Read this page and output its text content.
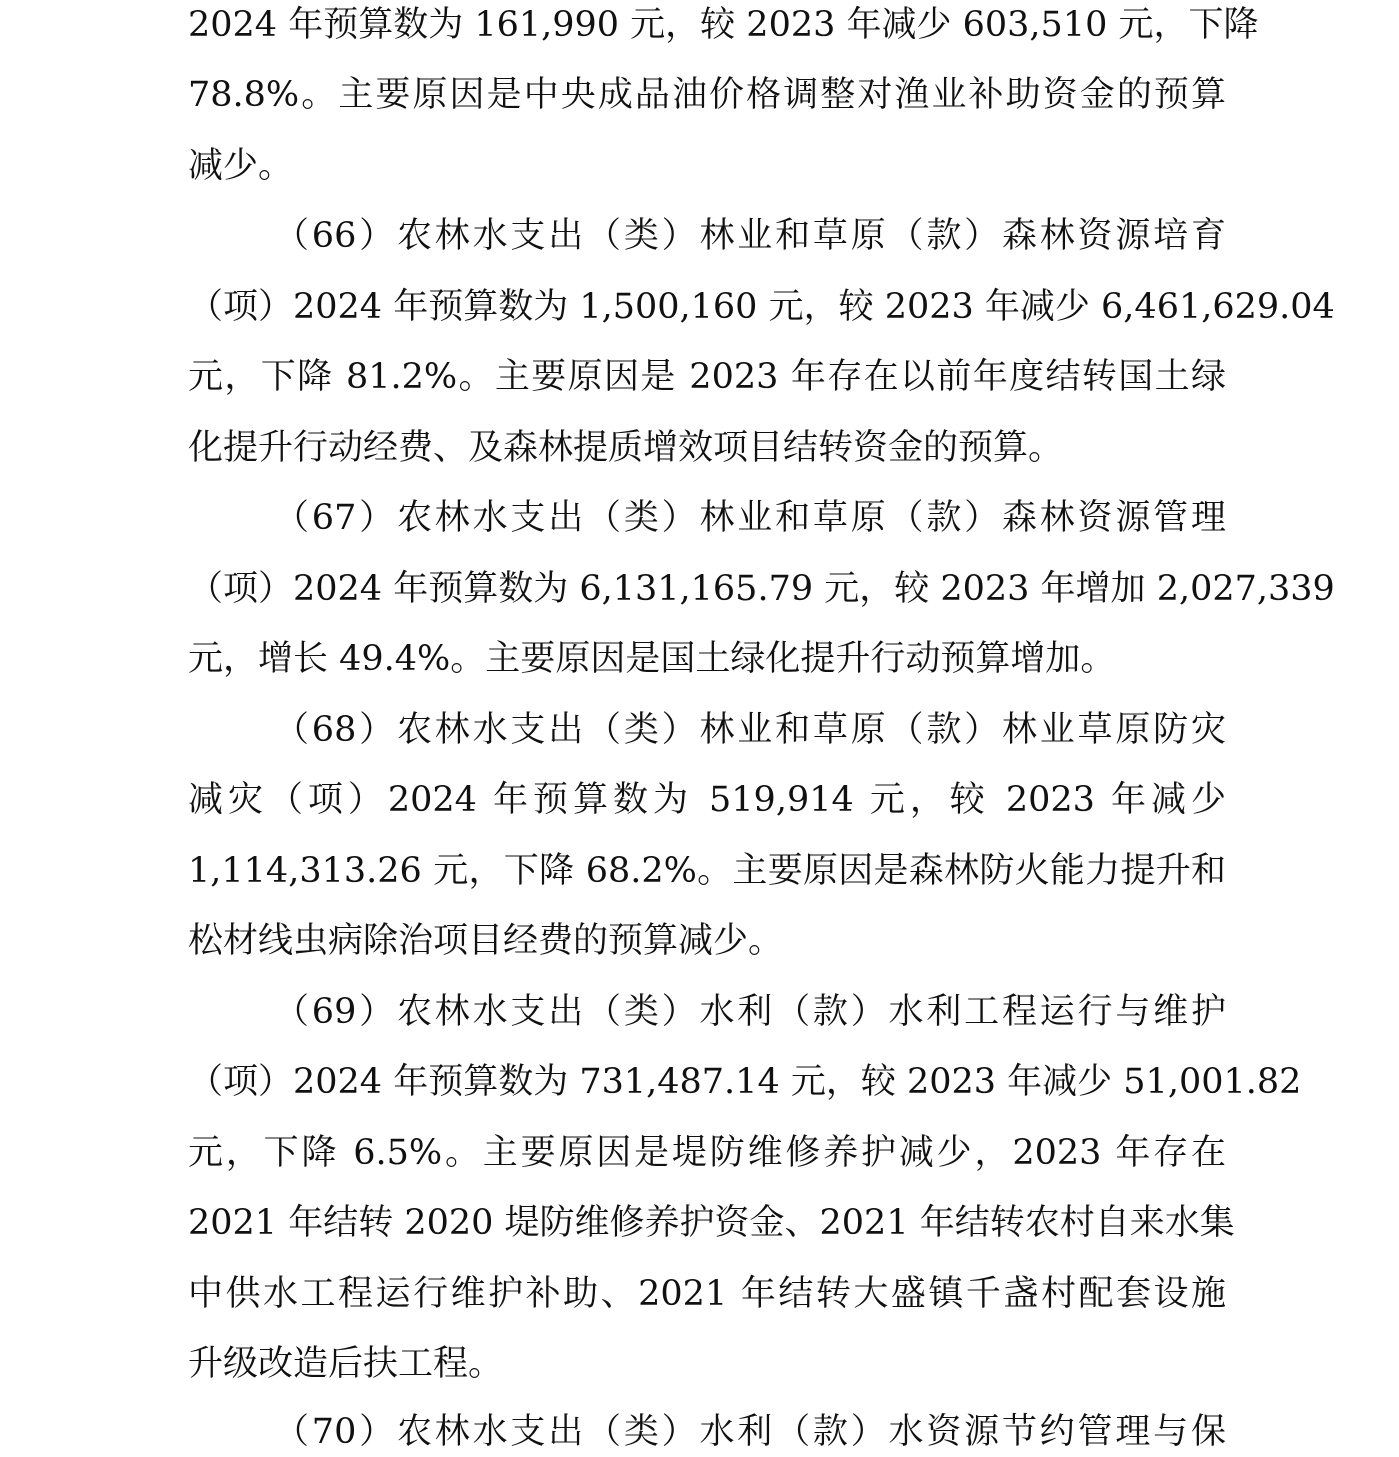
2024 年预算数为 161,990 元，较 2023 年减少 603,510 元，下降
78.8%。主要原因是中央成品油价格调整对渔业补助资金的预算
减少。
（66）农林水支出（类）林业和草原（款）森林资源培育
（项）2024 年预算数为 1,500,160 元，较 2023 年减少 6,461,629.04
元，下降 81.2%。主要原因是 2023 年存在以前年度结转国土绿
化提升行动经费、及森林提质增效项目结转资金的预算。
（67）农林水支出（类）林业和草原（款）森林资源管理
（项）2024 年预算数为 6,131,165.79 元，较 2023 年增加 2,027,339
元，增长 49.4%。主要原因是国土绿化提升行动预算增加。
（68）农林水支出（类）林业和草原（款）林业草原防灾
减灾（项）2024 年预算数为 519,914 元，较 2023 年减少
1,114,313.26 元，下降 68.2%。主要原因是森林防火能力提升和
松材线虫病除治项目经费的预算减少。
（69）农林水支出（类）水利（款）水利工程运行与维护
（项）2024 年预算数为 731,487.14 元，较 2023 年减少 51,001.82
元，下降 6.5%。主要原因是堤防维修养护减少，2023 年存在
2021 年结转 2020 堤防维修养护资金、2021 年结转农村自来水集
中供水工程运行维护补助、2021 年结转大盛镇千盏村配套设施
升级改造后扶工程。
（70）农林水支出（类）水利（款）水资源节约管理与保
